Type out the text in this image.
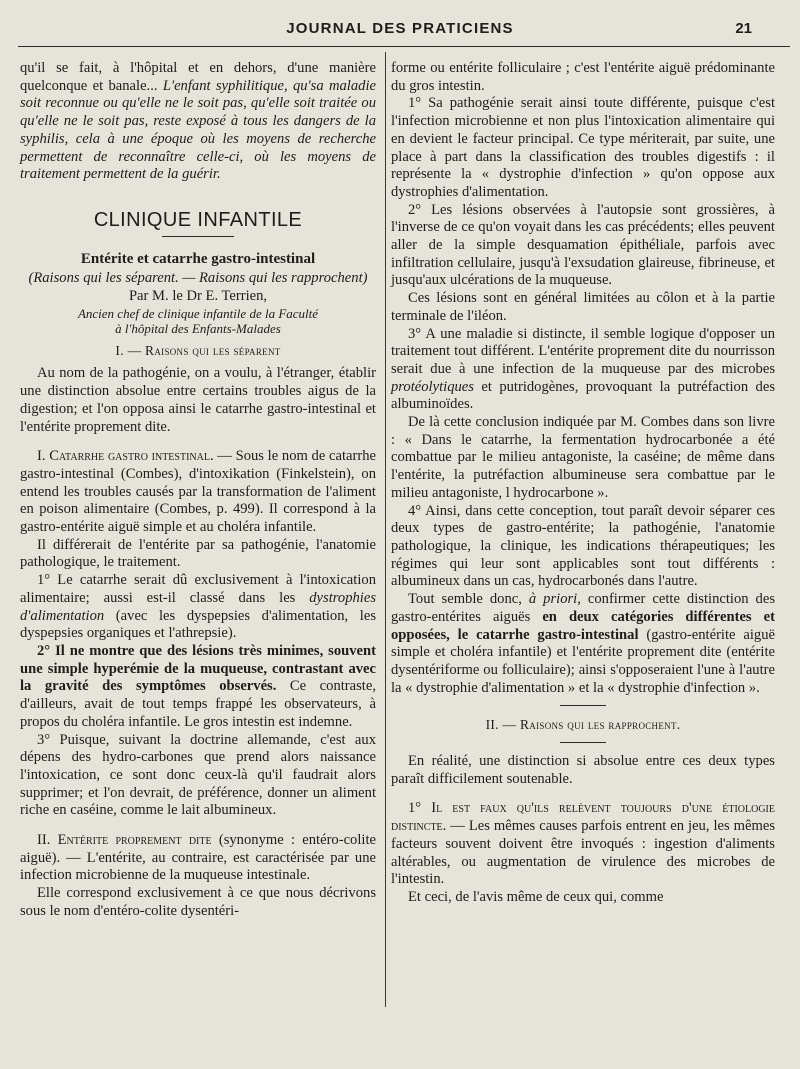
JOURNAL DES PRATICIENS	21

qu'il se fait, à l'hôpital et en dehors, d'une manière quelconque et banale... L'enfant syphilitique, qu'sa maladie soit reconnue ou qu'elle ne le soit pas, qu'elle soit traitée ou qu'elle ne le soit pas, reste exposé à tous les dangers de la syphilis, cela à une époque où les moyens de recherche permettent de reconnaître celle-ci, où les moyens de traitement permettent de la guérir.

CLINIQUE INFANTILE

Entérite et catarrhe gastro-intestinal

(Raisons qui les séparent. — Raisons qui les rapprochent)

Par M. le Dr E. Terrien,

Ancien chef de clinique infantile de la Faculté

à l'hôpital des Enfants-Malades

I. — Raisons qui les séparent

Au nom de la pathogénie, on a voulu, à l'étranger, établir une distinction absolue entre certains troubles aigus de la digestion; et l'on opposa ainsi le catarrhe gastro-intestinal et l'entérite proprement dite.

I. Catarrhe gastro intestinal. — Sous le nom de catarrhe gastro-intestinal (Combes), d'intoxikation (Finkelstein), on entend les troubles causés par la transformation de l'aliment en poison alimentaire (Combes, p. 499). Il correspond à la gastro-entérite aiguë simple et au choléra infantile.

Il différerait de l'entérite par sa pathogénie, l'anatomie pathologique, le traitement.

1° Le catarrhe serait dû exclusivement à l'intoxication alimentaire; aussi est-il classé dans les dystrophies d'alimentation (avec les dyspepsies d'alimentation, les dyspepsies organiques et l'athrepsie).

2° Il ne montre que des lésions très minimes, souvent une simple hyperémie de la muqueuse, contrastant avec la gravité des symptômes observés. Ce contraste, d'ailleurs, avait de tout temps frappé les observateurs, à propos du choléra infantile. Le gros intestin est indemne.

3° Puisque, suivant la doctrine allemande, c'est aux dépens des hydro-carbones que prend alors naissance l'intoxication, ce sont donc ceux-là qu'il faudrait alors supprimer; et l'on devrait, de préférence, donner un aliment riche en caséine, comme le lait albumineux.

II. Entérite proprement dite (synonyme : entéro-colite aiguë). — L'entérite, au contraire, est caractérisée par une infection microbienne de la muqueuse intestinale.

Elle correspond exclusivement à ce que nous décrivons sous le nom d'entéro-colite dysentéri-

forme ou entérite folliculaire ; c'est l'entérite aiguë prédominante du gros intestin.

1° Sa pathogénie serait ainsi toute différente, puisque c'est l'infection microbienne et non plus l'intoxication alimentaire qui en devient le facteur principal. Ce type mériterait, par suite, une place à part dans la classification des troubles digestifs : il représente la « dystrophie d'infection » qu'on oppose aux dystrophies d'alimentation.

2° Les lésions observées à l'autopsie sont grossières, à l'inverse de ce qu'on voyait dans les cas précédents; elles peuvent aller de la simple desquamation épithéliale, parfois avec infiltration cellulaire, jusqu'à l'exsudation glaireuse, fibrineuse, et jusqu'aux ulcérations de la muqueuse.

Ces lésions sont en général limitées au côlon et à la partie terminale de l'iléon.

3° A une maladie si distincte, il semble logique d'opposer un traitement tout différent. L'entérite proprement dite du nourrisson serait due à une infection de la muqueuse par des microbes protéolytiques et putridogènes, provoquant la putréfaction des albuminoïdes.

De là cette conclusion indiquée par M. Combes dans son livre : « Dans le catarrhe, la fermentation hydrocarbonée a été combattue par le milieu antagoniste, la caséine; de même dans l'entérite, la putréfaction albumineuse sera combattue par le milieu antagoniste, l hydrocarbone ».

4° Ainsi, dans cette conception, tout paraît devoir séparer ces deux types de gastro-entérite; la pathogénie, l'anatomie pathologique, la clinique, les indications thérapeutiques; les régimes qui leur sont applicables sont tout différents : albumineux dans un cas, hydrocarbonés dans l'autre.

Tout semble donc, à priori, confirmer cette distinction des gastro-entérites aiguës en deux catégories différentes et opposées, le catarrhe gastro-intestinal (gastro-entérite aiguë simple et choléra infantile) et l'entérite proprement dite (entérite dysentériforme ou folliculaire); ainsi s'opposeraient l'une à l'autre la « dystrophie d'alimentation » et la « dystrophie d'infection ».

II. — Raisons qui les rapprochent.

En réalité, une distinction si absolue entre ces deux types paraît difficilement soutenable.

1° Il est faux qu'ils relèvent toujours d'une étiologie distincte. — Les mêmes causes parfois entrent en jeu, les mêmes facteurs souvent doivent être invoqués : ingestion d'aliments altérables, ou augmentation de virulence des microbes de l'intestin.

Et ceci, de l'avis même de ceux qui, comme
